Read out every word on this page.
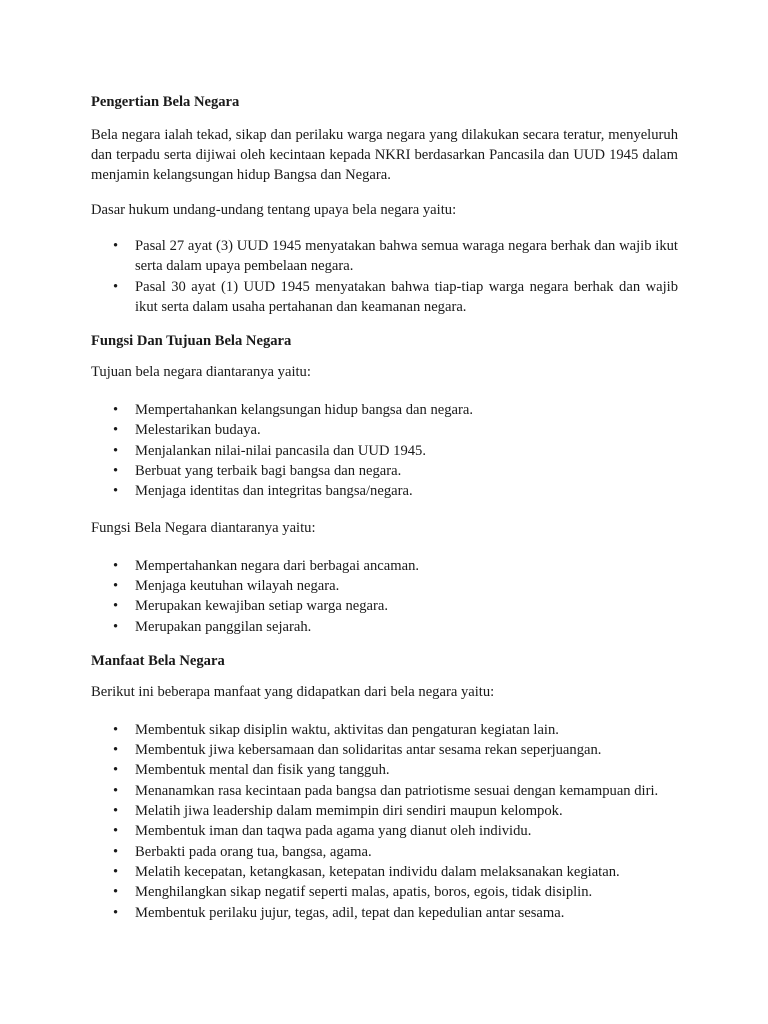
Pengertian Bela Negara

Bela negara ialah tekad, sikap dan perilaku warga negara yang dilakukan secara teratur, menyeluruh dan terpadu serta dijiwai oleh kecintaan kepada NKRI berdasarkan Pancasila dan UUD 1945 dalam menjamin kelangsungan hidup Bangsa dan Negara.

Dasar hukum undang-undang tentang upaya bela negara yaitu:

• Pasal 27 ayat (3) UUD 1945 menyatakan bahwa semua waraga negara berhak dan wajib ikut serta dalam upaya pembelaan negara.
• Pasal 30 ayat (1) UUD 1945 menyatakan bahwa tiap-tiap warga negara berhak dan wajib ikut serta dalam usaha pertahanan dan keamanan negara.
Fungsi Dan Tujuan Bela Negara

Tujuan bela negara diantaranya yaitu:

• Mempertahankan kelangsungan hidup bangsa dan negara.
• Melestarikan budaya.
• Menjalankan nilai-nilai pancasila dan UUD 1945.
• Berbuat yang terbaik bagi bangsa dan negara.
• Menjaga identitas dan integritas bangsa/negara.

Fungsi Bela Negara diantaranya yaitu:

• Mempertahankan negara dari berbagai ancaman.
• Menjaga keutuhan wilayah negara.
• Merupakan kewajiban setiap warga negara.
• Merupakan panggilan sejarah.
Manfaat Bela Negara

Berikut ini beberapa manfaat yang didapatkan dari bela negara yaitu:

• Membentuk sikap disiplin waktu, aktivitas dan pengaturan kegiatan lain.
• Membentuk jiwa kebersamaan dan solidaritas antar sesama rekan seperjuangan.
• Membentuk mental dan fisik yang tangguh.
• Menanamkan rasa kecintaan pada bangsa dan patriotisme sesuai dengan kemampuan diri.
• Melatih jiwa leadership dalam memimpin diri sendiri maupun kelompok.
• Membentuk iman dan taqwa pada agama yang dianut oleh individu.
• Berbakti pada orang tua, bangsa, agama.
• Melatih kecepatan, ketangkasan, ketepatan individu dalam melaksanakan kegiatan.
• Menghilangkan sikap negatif seperti malas, apatis, boros, egois, tidak disiplin.
• Membentuk perilaku jujur, tegas, adil, tepat dan kepedulian antar sesama.
